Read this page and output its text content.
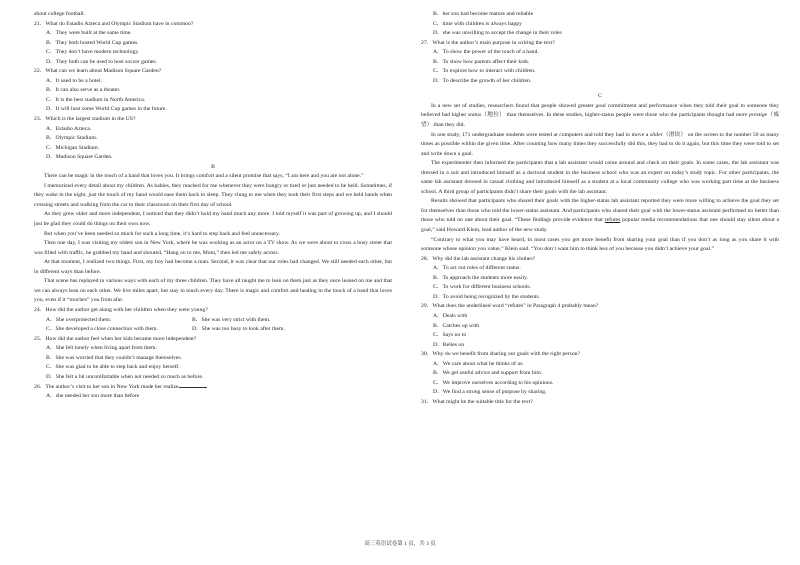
about college football.
21．What do Estadio Azteca and Olympic Stadium have in common?
A．They were built at the same time.
B．They both hosted World Cup games.
C．They don’t have modern technology.
D．They both can be used to host soccer games.
22．What can we learn about Madison Square Garden?
A．It used to be a hotel.
B．It can also serve as a theater.
C．It is the best stadium in North America.
D．It will host some World Cup games in the future.
23．Which is the largest stadium in the US?
A．Estadio Azteca.
B．Olympic Stadium.
C．Michigan Stadium.
D．Madison Square Garden.
B
There can be magic in the touch of a hand that loves you. It brings comfort and a silent promise that says, “I am here and you are not alone.”
I memorized every detail about my children. As babies, they reached for me whenever they were hungry or tired or just needed to be held. Sometimes, if they woke in the night, just the touch of my hand would ease them back to sleep. They clung to me when they took their first steps and we held hands when crossing streets and walking from the car to their classroom on their first day of school.
As they grew older and more independent, I noticed that they didn’t hold my hand much any more. I told myself it was part of growing up, and I should just be glad they could do things on their own now.
But when you’ve been needed so much for such a long time, it’s hard to step back and feel unnecessary.
Then one day, I was visiting my oldest son in New York, where he was working as an actor on a TV show. As we were about to cross a busy street that was filled with traffic, he grabbed my hand and shouted, “Hang on to me, Mom,” then led me safely across.
At that moment, I realized two things. First, my boy had become a man. Second, it was clear that our roles had changed. We still needed each other, but in different ways than before.
That scene has replayed in various ways with each of my three children. They have all taught me to lean on them just as they once leaned on me and that we can always lean on each other. We live miles apart, but stay in touch every day. There is magic and comfort and healing in the touch of a hand that loves you, even if it “touches” you from afar.
24．How did the author get along with her children when they were young?
A．She overprotected them.	B．She was very strict with them.
C．She developed a close connection with them.	D．She was too busy to look after them.
25．How did the author feel when her kids became more independent?
A．She felt lonely when living apart from them.
B．She was worried that they couldn’t manage themselves.
C．She was glad to be able to step back and enjoy herself.
D．She felt a bit uncomfortable when not needed so much as before.
26．The author’s visit to her son in New York made her realize
A．she needed her son more than before
B．her son had become mature and reliable
C．time with children is always happy
D．she was unwilling to accept the change in their roles
27．What is the author’s main purpose in writing the text?
A．To show the power of the touch of a hand.
B．To show how parents affect their kids.
C．To explore how to interact with children.
D．To describe the growth of her children.
C
In a new set of studies, researchers found that people showed greater goal commitment and performance when they told their goal to someone they believed had higher status（地位） than themselves. In these studies, higher-status people were those who the participants thought had more prestige（威望） than they did.
In one study, 171 undergraduate students were tested at computers and told they had to move a slider（滑块） on the screen to the number 50 as many times as possible within the given time. After counting how many times they successfully did this, they had to do it again, but this time they were told to set and write down a goal.
The experimenter then informed the participants that a lab assistant would come around and check on their goals. In some cases, the lab assistant was dressed in a suit and introduced himself as a doctoral student in the business school who was an expert on today’s study topic. For other participants, the same lab assistant dressed in casual clothing and introduced himself as a student at a local community college who was working part time at the business school. A third group of participants didn’t share their goals with the lab assistant.
Results showed that participants who shared their goals with the higher-status lab assistant reported they were more willing to achieve the goal they set for themselves than those who told the lower-status assistant. And participants who shared their goal with the lower-status assistant performed no better than those who told no one about their goal. “These findings provide evidence that refutes popular media recommendations that one should stay silent about a goal,” said Howard Klein, lead author of the new study.
“Contrary to what you may have heard, in most cases you get more benefit from sharing your goal than if you don’t as long as you share it with someone whose opinion you value,” Klein said. “You don’t want him to think less of you because you didn’t achieve your goal.”
28．Why did the lab assistant change his clothes?
A．To act out roles of different status.
B．To approach the students more easily.
C．To work for different business schools.
D．To avoid being recognized by the students.
29．What does the underlined word “refutes” in Paragraph 4 probably mean?
A．Deals with
B．Catches up with
C．Says no to
D．Relies on
30．Why do we benefit from sharing our goals with the right person?
A．We care about what he thinks of us.
B．We get useful advice and support from him.
C．We improve ourselves according to his opinions.
D．We find a strong sense of purpose by sharing.
31．What might be the suitable title for the text?
高三英语试卷第 1 页，共 3 页
